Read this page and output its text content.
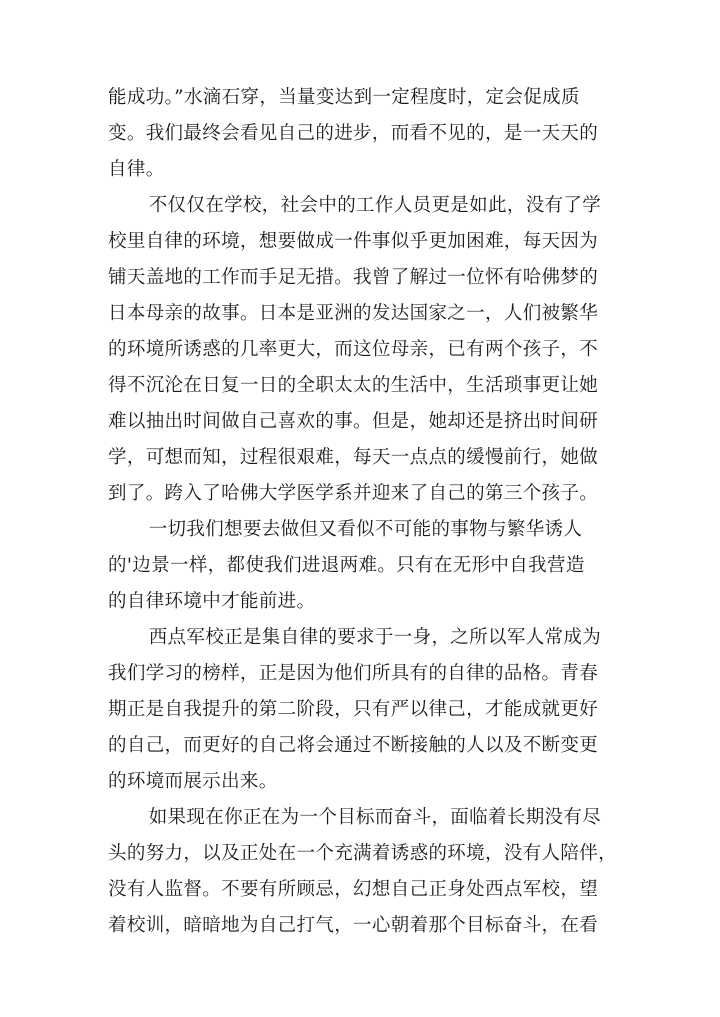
能成功。”水滴石穿，当量变达到一定程度时，定会促成质
变。我们最终会看见自己的进步，而看不见的，是一天天的
自律。

不仅仅在学校，社会中的工作人员更是如此，没有了学
校里自律的环境，想要做成一件事似乎更加困难，每天因为
铺天盖地的工作而手足无措。我曾了解过一位怀有哈佛梦的
日本母亲的故事。日本是亚洲的发达国家之一，人们被繁华
的环境所诱惑的几率更大，而这位母亲，已有两个孩子，不
得不沉沦在日复一日的全职太太的生活中，生活琐事更让她
难以抽出时间做自己喜欢的事。但是，她却还是挤出时间研
学，可想而知，过程很艰难，每天一点点的缓慢前行，她做
到了。跨入了哈佛大学医学系并迎来了自己的第三个孩子。

一切我们想要去做但又看似不可能的事物与繁华诱人
的'边景一样，都使我们进退两难。只有在无形中自我营造
的自律环境中才能前进。

西点军校正是集自律的要求于一身，之所以军人常成为
我们学习的榜样，正是因为他们所具有的自律的品格。青春
期正是自我提升的第二阶段，只有严以律己，才能成就更好
的自己，而更好的自己将会通过不断接触的人以及不断变更
的环境而展示出来。

如果现在你正在为一个目标而奋斗，面临着长期没有尽
头的努力，以及正处在一个充满着诱惑的环境，没有人陪伴，
没有人监督。不要有所顾忌，幻想自己正身处西点军校，望
着校训，暗暗地为自己打气，一心朝着那个目标奋斗，在看
